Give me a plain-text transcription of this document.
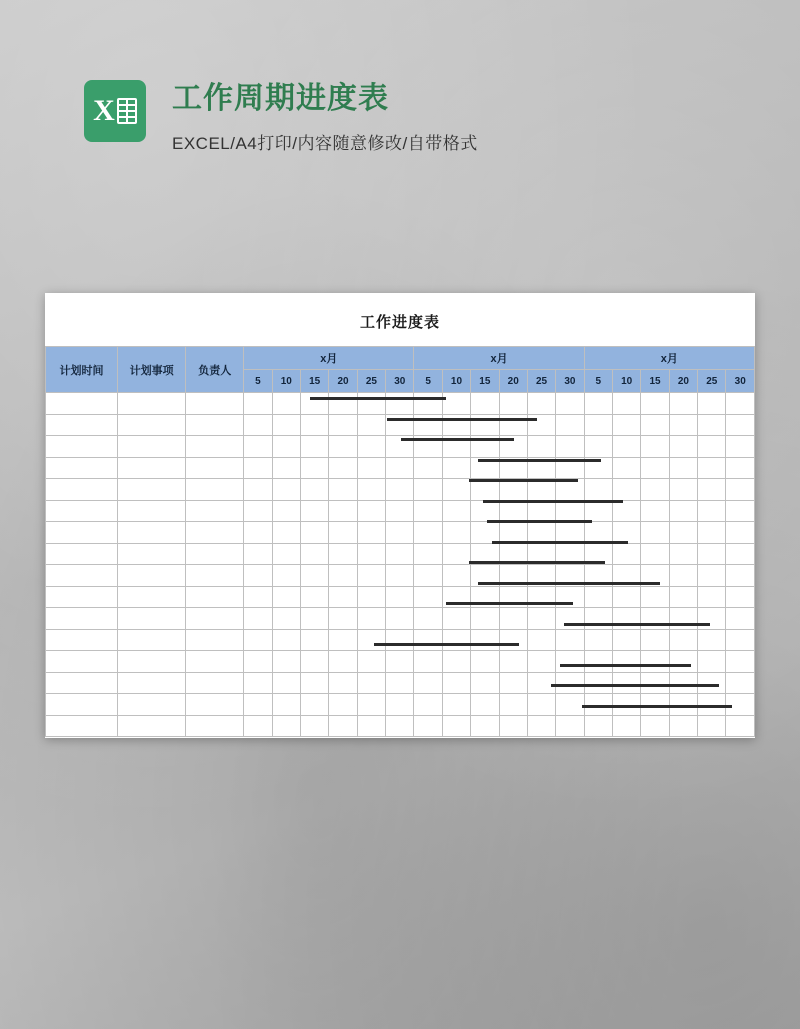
X 工作周期进度表
EXCEL/A4打印/内容随意修改/自带格式
工作进度表
计划时间	计划事项	负责人	x月						x月						x月					
			5	10	15	20	25	30	5	10	15	20	25	30	5	10	15	20	25	30
